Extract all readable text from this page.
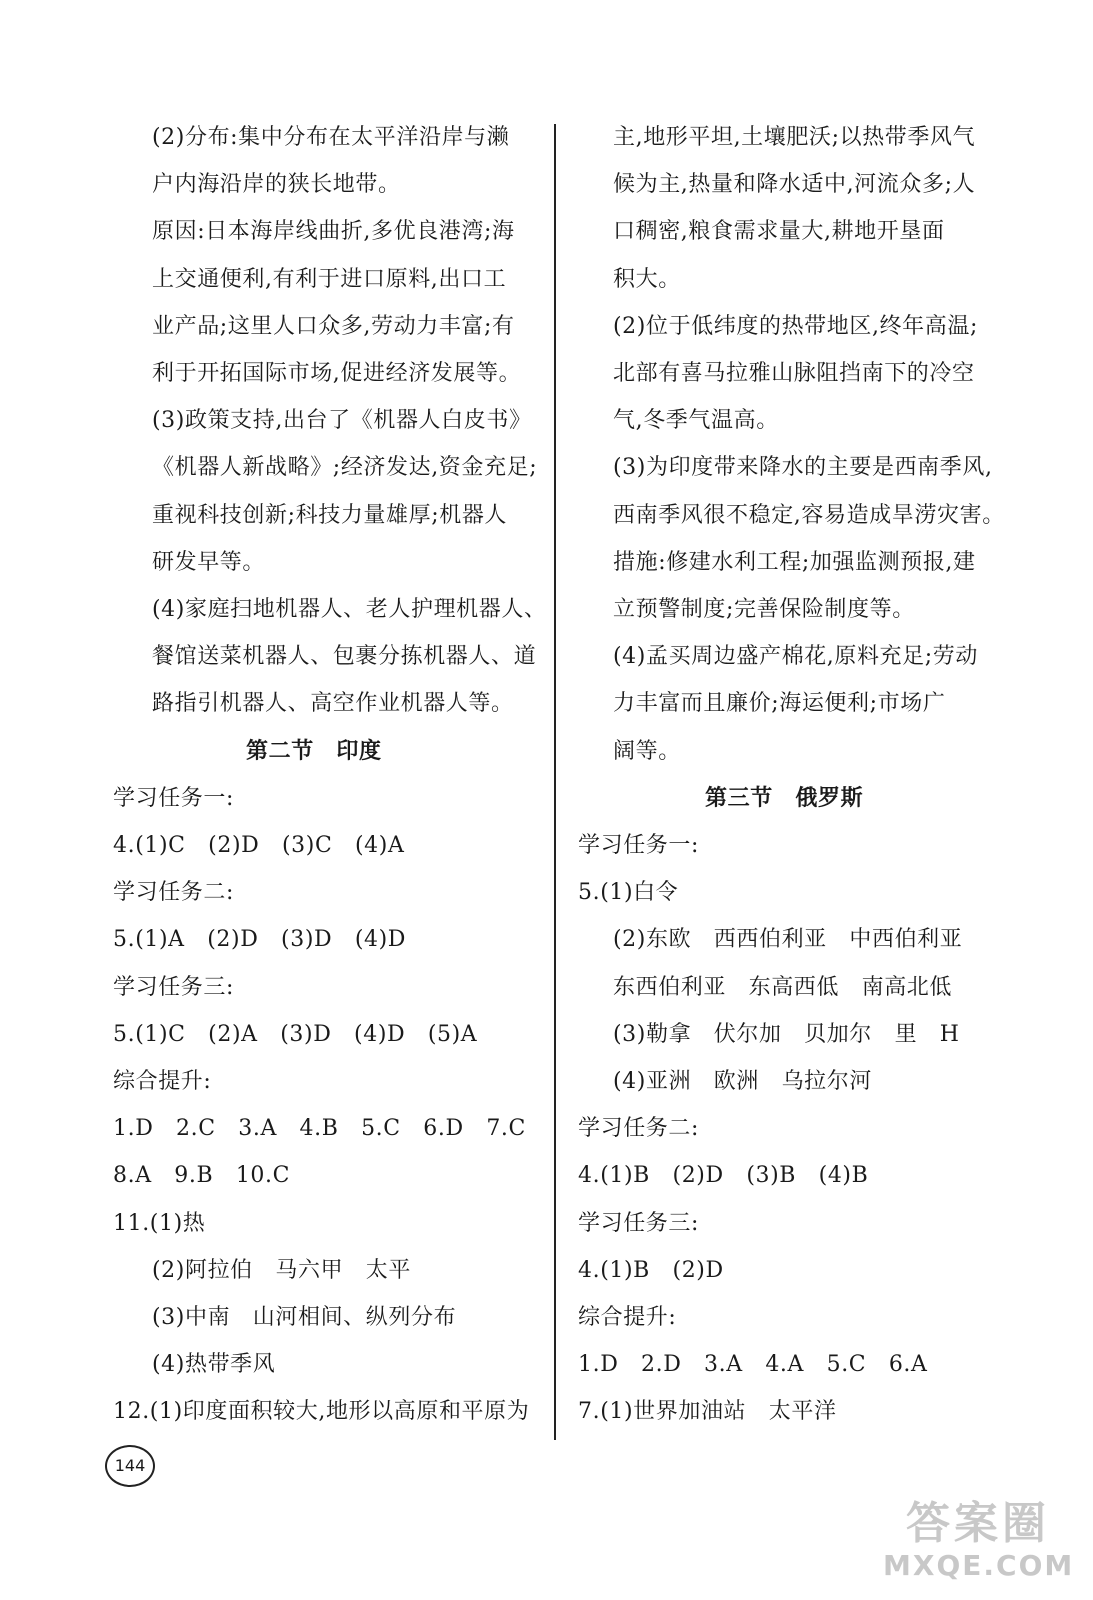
(2)分布:集中分布在太平洋沿岸与濑
户内海沿岸的狭长地带。
原因:日本海岸线曲折,多优良港湾;海
上交通便利,有利于进口原料,出口工
业产品;这里人口众多,劳动力丰富;有
利于开拓国际市场,促进经济发展等。
(3)政策支持,出台了《机器人白皮书》
《机器人新战略》;经济发达,资金充足;
重视科技创新;科技力量雄厚;机器人
研发早等。
(4)家庭扫地机器人、老人护理机器人、
餐馆送菜机器人、包裹分拣机器人、道
路指引机器人、高空作业机器人等。
第二节　印度
学习任务一:
4.(1)C　(2)D　(3)C　(4)A
学习任务二:
5.(1)A　(2)D　(3)D　(4)D
学习任务三:
5.(1)C　(2)A　(3)D　(4)D　(5)A
综合提升:
1.D　2.C　3.A　4.B　5.C　6.D　7.C
8.A　9.B　10.C
11.(1)热
(2)阿拉伯　马六甲　太平
(3)中南　山河相间、纵列分布
(4)热带季风
12.(1)印度面积较大,地形以高原和平原为
主,地形平坦,土壤肥沃;以热带季风气
候为主,热量和降水适中,河流众多;人
口稠密,粮食需求量大,耕地开垦面
积大。
(2)位于低纬度的热带地区,终年高温;
北部有喜马拉雅山脉阻挡南下的冷空
气,冬季气温高。
(3)为印度带来降水的主要是西南季风,
西南季风很不稳定,容易造成旱涝灾害。
措施:修建水利工程;加强监测预报,建
立预警制度;完善保险制度等。
(4)孟买周边盛产棉花,原料充足;劳动
力丰富而且廉价;海运便利;市场广
阔等。
第三节　俄罗斯
学习任务一:
5.(1)白令
(2)东欧　西西伯利亚　中西伯利亚
东西伯利亚　东高西低　南高北低
(3)勒拿　伏尔加　贝加尔　里　H
(4)亚洲　欧洲　乌拉尔河
学习任务二:
4.(1)B　(2)D　(3)B　(4)B
学习任务三:
4.(1)B　(2)D
综合提升:
1.D　2.D　3.A　4.A　5.C　6.A
7.(1)世界加油站　太平洋
144
答案圈
MXQE.COM
